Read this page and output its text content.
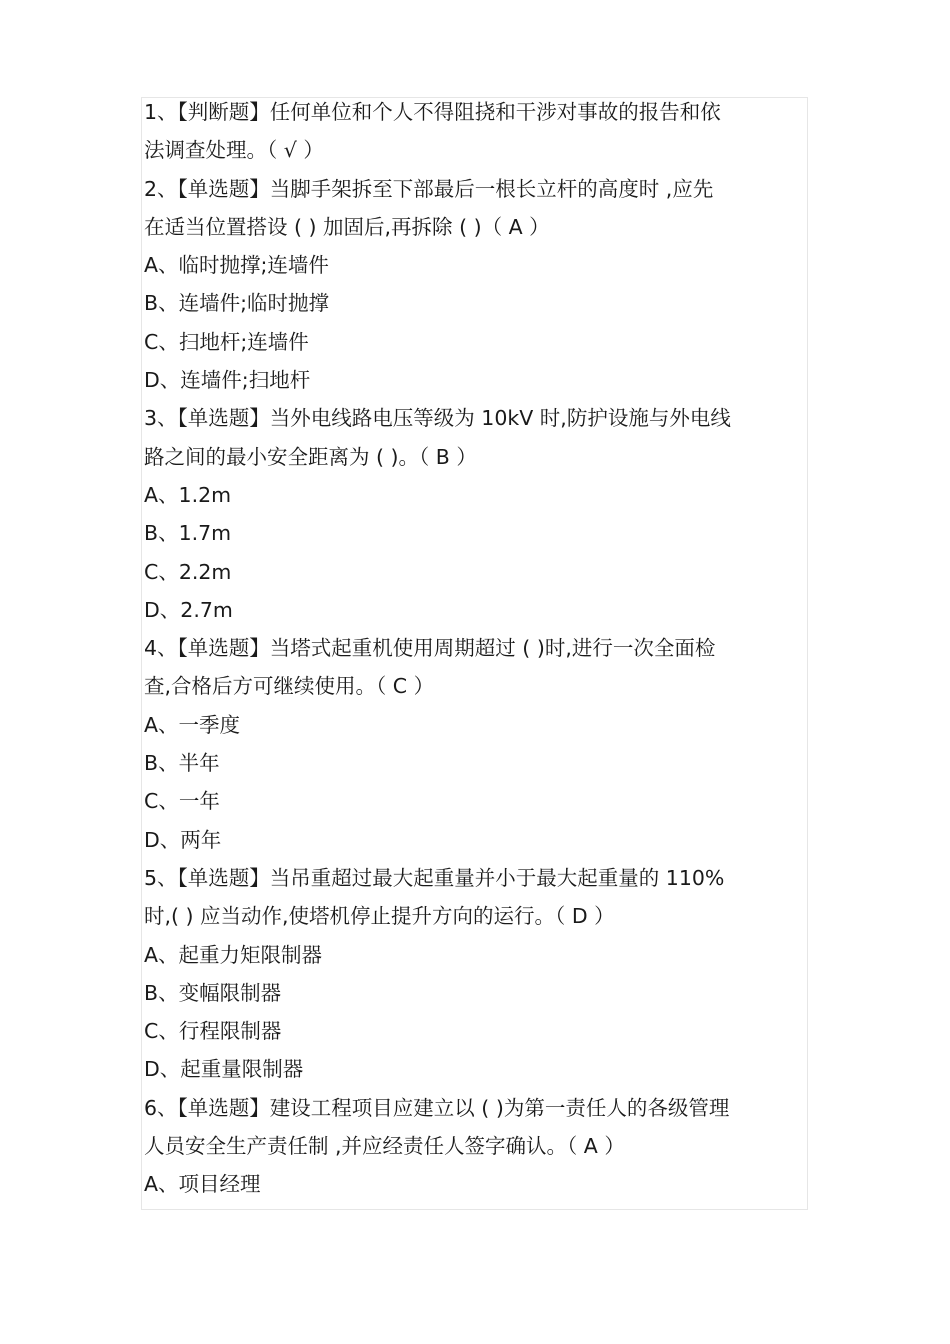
1、【判断题】任何单位和个人不得阻挠和干涉对事故的报告和依
法调查处理。（ √ ）
2、【单选题】当脚手架拆至下部最后一根长立杆的高度时 ,应先
在适当位置搭设 ( ) 加固后,再拆除 ( )（ A ）
A、临时抛撑;连墙件
B、连墙件;临时抛撑
C、扫地杆;连墙件
D、连墙件;扫地杆
3、【单选题】当外电线路电压等级为 10kV 时,防护设施与外电线
路之间的最小安全距离为 ( )。（ B ）
A、1.2m
B、1.7m
C、2.2m
D、2.7m
4、【单选题】当塔式起重机使用周期超过 ( )时,进行一次全面检
查,合格后方可继续使用。（ C ）
A、一季度
B、半年
C、一年
D、两年
5、【单选题】当吊重超过最大起重量并小于最大起重量的 110%
时,( ) 应当动作,使塔机停止提升方向的运行。（ D ）
A、起重力矩限制器
B、变幅限制器
C、行程限制器
D、起重量限制器
6、【单选题】建设工程项目应建立以 ( )为第一责任人的各级管理
人员安全生产责任制 ,并应经责任人签字确认。（ A ）
A、项目经理
